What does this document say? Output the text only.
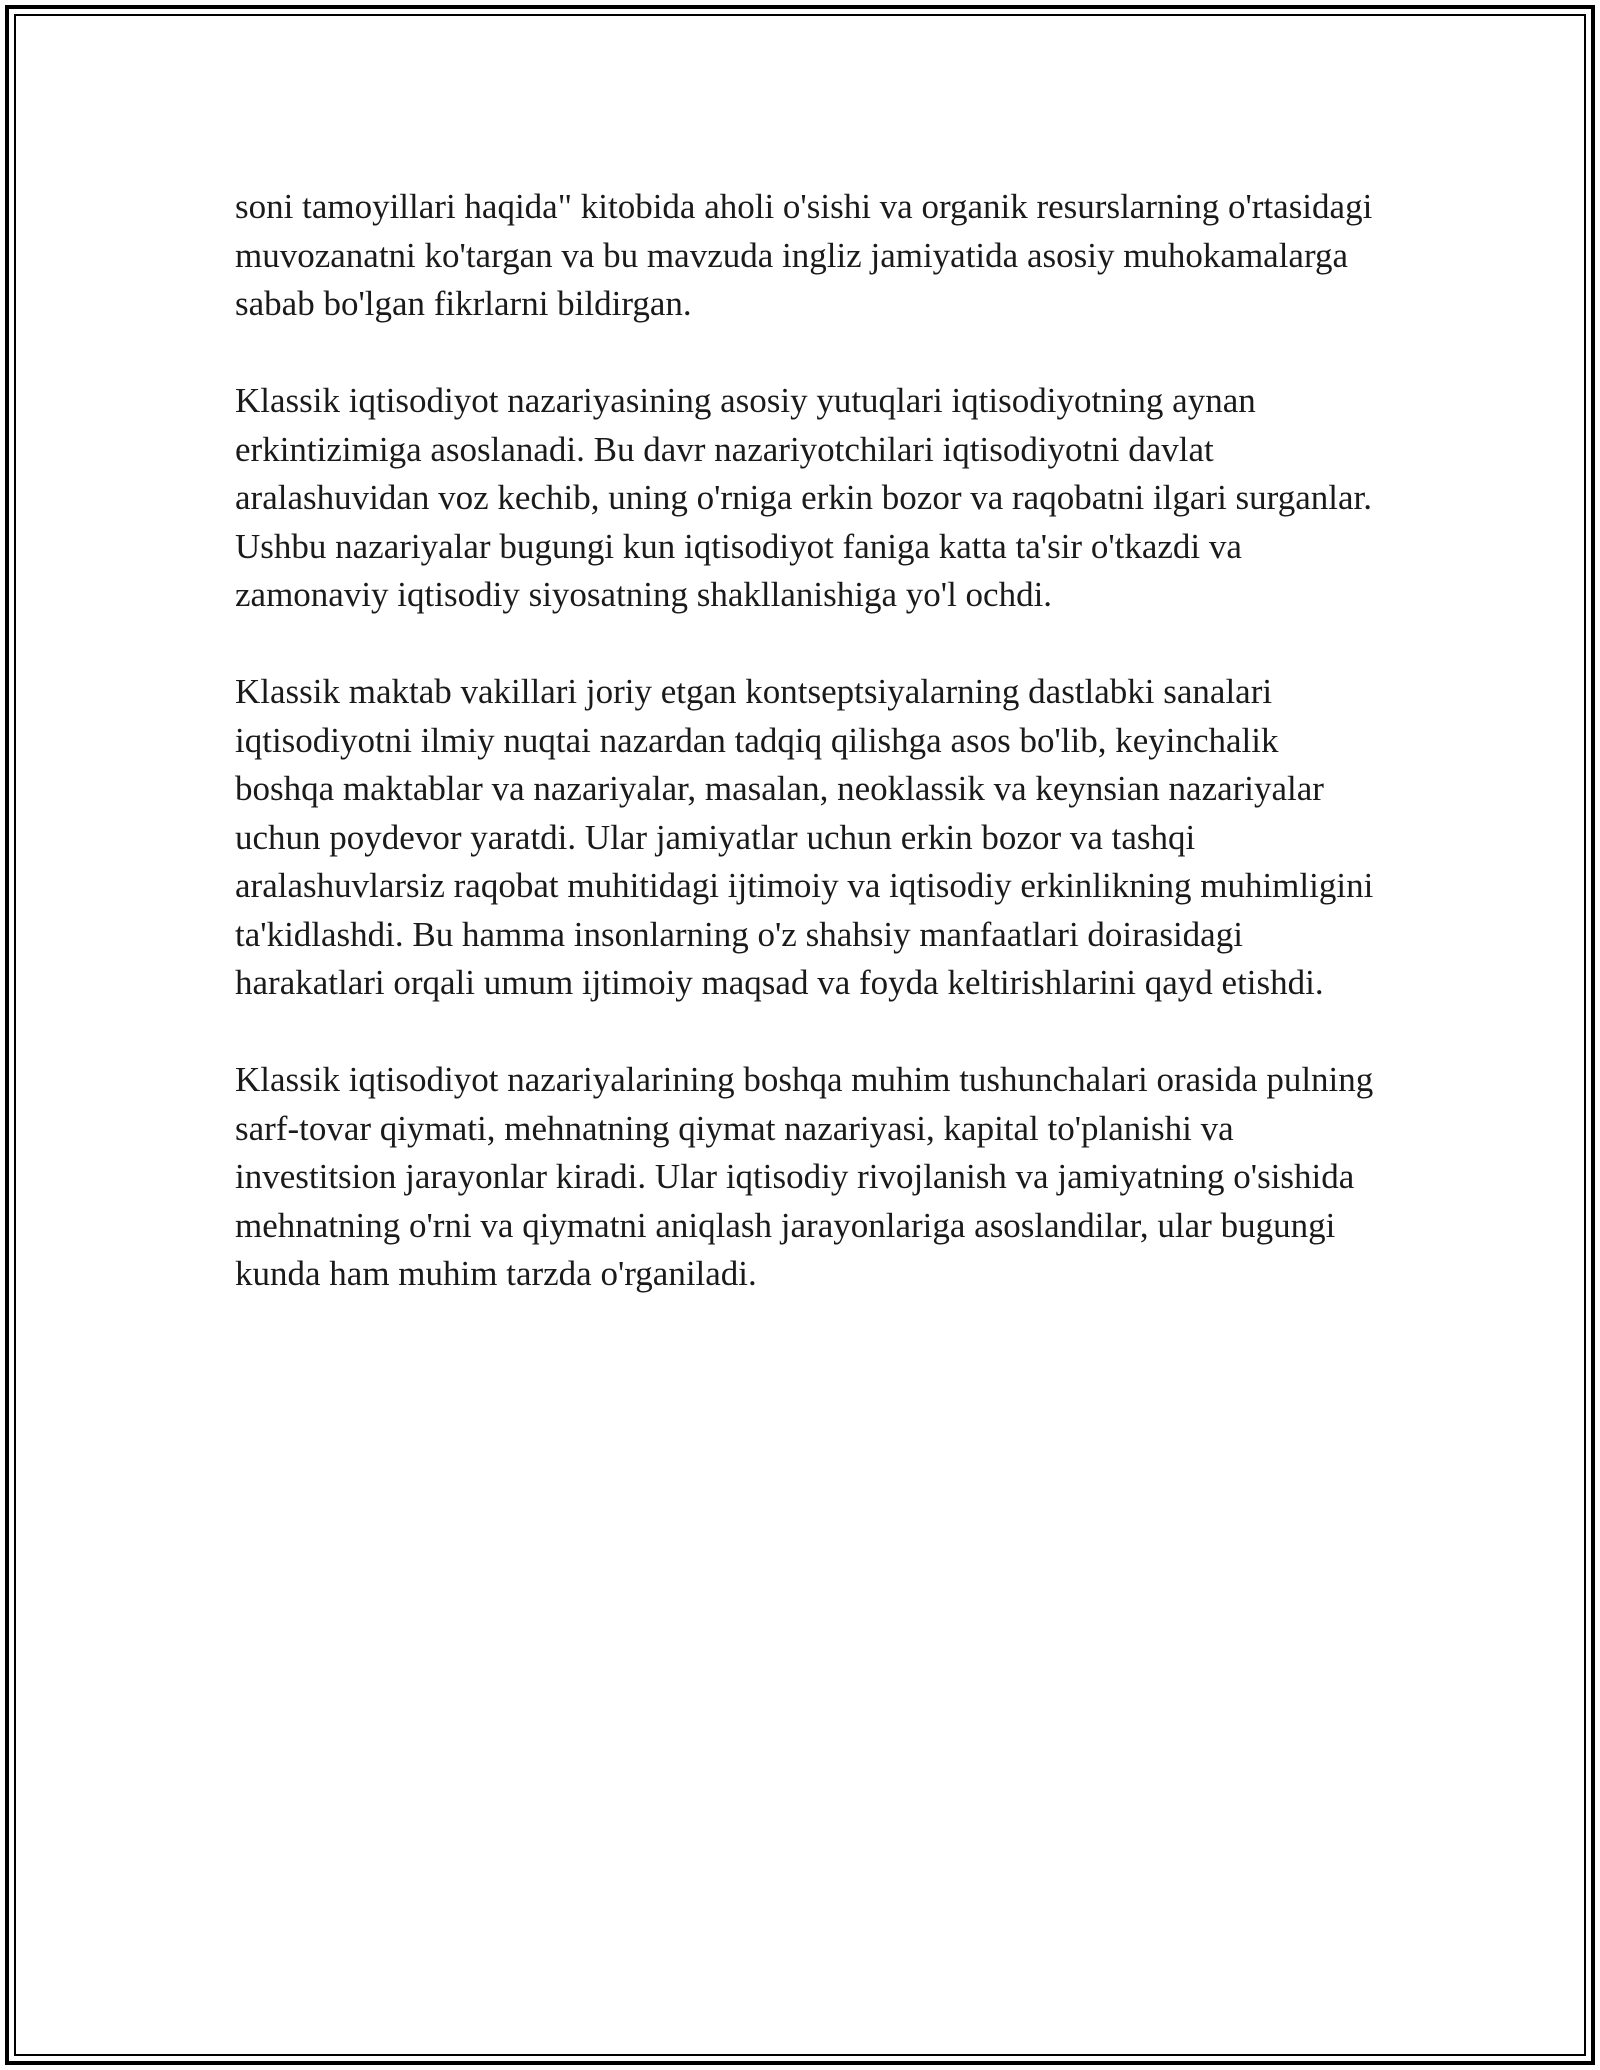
soni tamoyillari haqida" kitobida aholi o'sishi va organik resurslarning o'rtasidagi muvozanatni ko'targan va bu mavzuda ingliz jamiyatida asosiy muhokamalarga sabab bo'lgan fikrlarni bildirgan.

Klassik iqtisodiyot nazariyasining asosiy yutuqlari iqtisodiyotning aynan erkintizimiga asoslanadi. Bu davr nazariyotchilari iqtisodiyotni davlat aralashuvidan voz kechib, uning o'rniga erkin bozor va raqobatni ilgari surganlar. Ushbu nazariyalar bugungi kun iqtisodiyot faniga katta ta'sir o'tkazdi va zamonaviy iqtisodiy siyosatning shakllanishiga yo'l ochdi.

Klassik maktab vakillari joriy etgan kontseptsiyalarning dastlabki sanalari iqtisodiyotni ilmiy nuqtai nazardan tadqiq qilishga asos bo'lib, keyinchalik boshqa maktablar va nazariyalar, masalan, neoklassik va keynsian nazariyalar uchun poydevor yaratdi. Ular jamiyatlar uchun erkin bozor va tashqi aralashuvlarsiz raqobat muhitidagi ijtimoiy va iqtisodiy erkinlikning muhimligini ta'kidlashdi. Bu hamma insonlarning o'z shahsiy manfaatlari doirasidagi harakatlari orqali umum ijtimoiy maqsad va foyda keltirishlarini qayd etishdi.

Klassik iqtisodiyot nazariyalarining boshqa muhim tushunchalari orasida pulning sarf-tovar qiymati, mehnatning qiymat nazariyasi, kapital to'planishi va investitsion jarayonlar kiradi. Ular iqtisodiy rivojlanish va jamiyatning o'sishida mehnatning o'rni va qiymatni aniqlash jarayonlariga asoslandilar, ular bugungi kunda ham muhim tarzda o'rganiladi.
